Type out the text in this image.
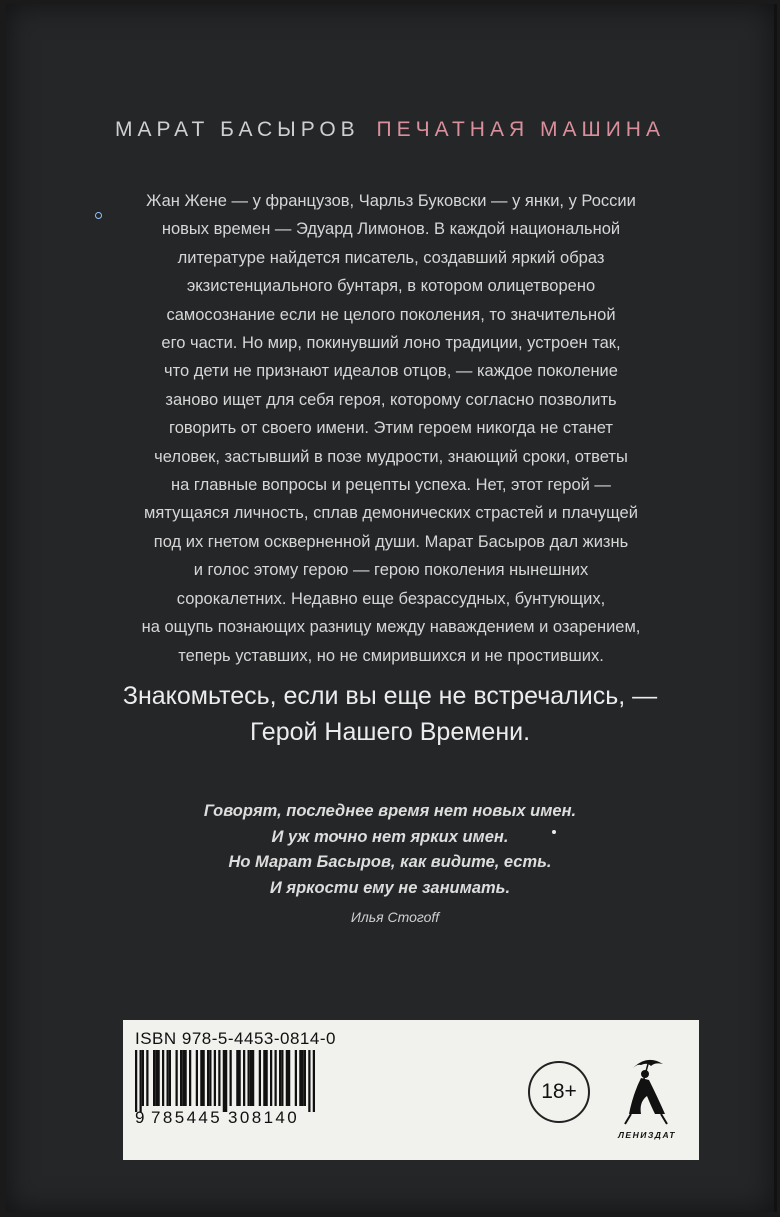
МАРАТ БАСЫРОВ ПЕЧАТНАЯ МАШИНА
Жан Жене — у французов, Чарльз Буковски — у янки, у России
новых времен — Эдуард Лимонов. В каждой национальной
литературе найдется писатель, создавший яркий образ
экзистенциального бунтаря, в котором олицетворено
самосознание если не целого поколения, то значительной
его части. Но мир, покинувший лоно традиции, устроен так,
что дети не признают идеалов отцов, — каждое поколение
заново ищет для себя героя, которому согласно позволить
говорить от своего имени. Этим героем никогда не станет
человек, застывший в позе мудрости, знающий сроки, ответы
на главные вопросы и рецепты успеха. Нет, этот герой —
мятущаяся личность, сплав демонических страстей и плачущей
под их гнетом оскверненной души. Марат Басыров дал жизнь
и голос этому герою — герою поколения нынешних
сорокалетних. Недавно еще безрассудных, бунтующих,
на ощупь познающих разницу между наваждением и озарением,
теперь уставших, но не смирившихся и не простивших.
Знакомьтесь, если вы еще не встречались, —
Герой Нашего Времени.
Говорят, последнее время нет новых имен.
И уж точно нет ярких имен.
Но Марат Басыров, как видите, есть.
И яркости ему не занимать.
Илья Стогоff
ISBN 978-5-4453-0814-0
9 785445 308140
18+
ЛЕНИЗДАТ
